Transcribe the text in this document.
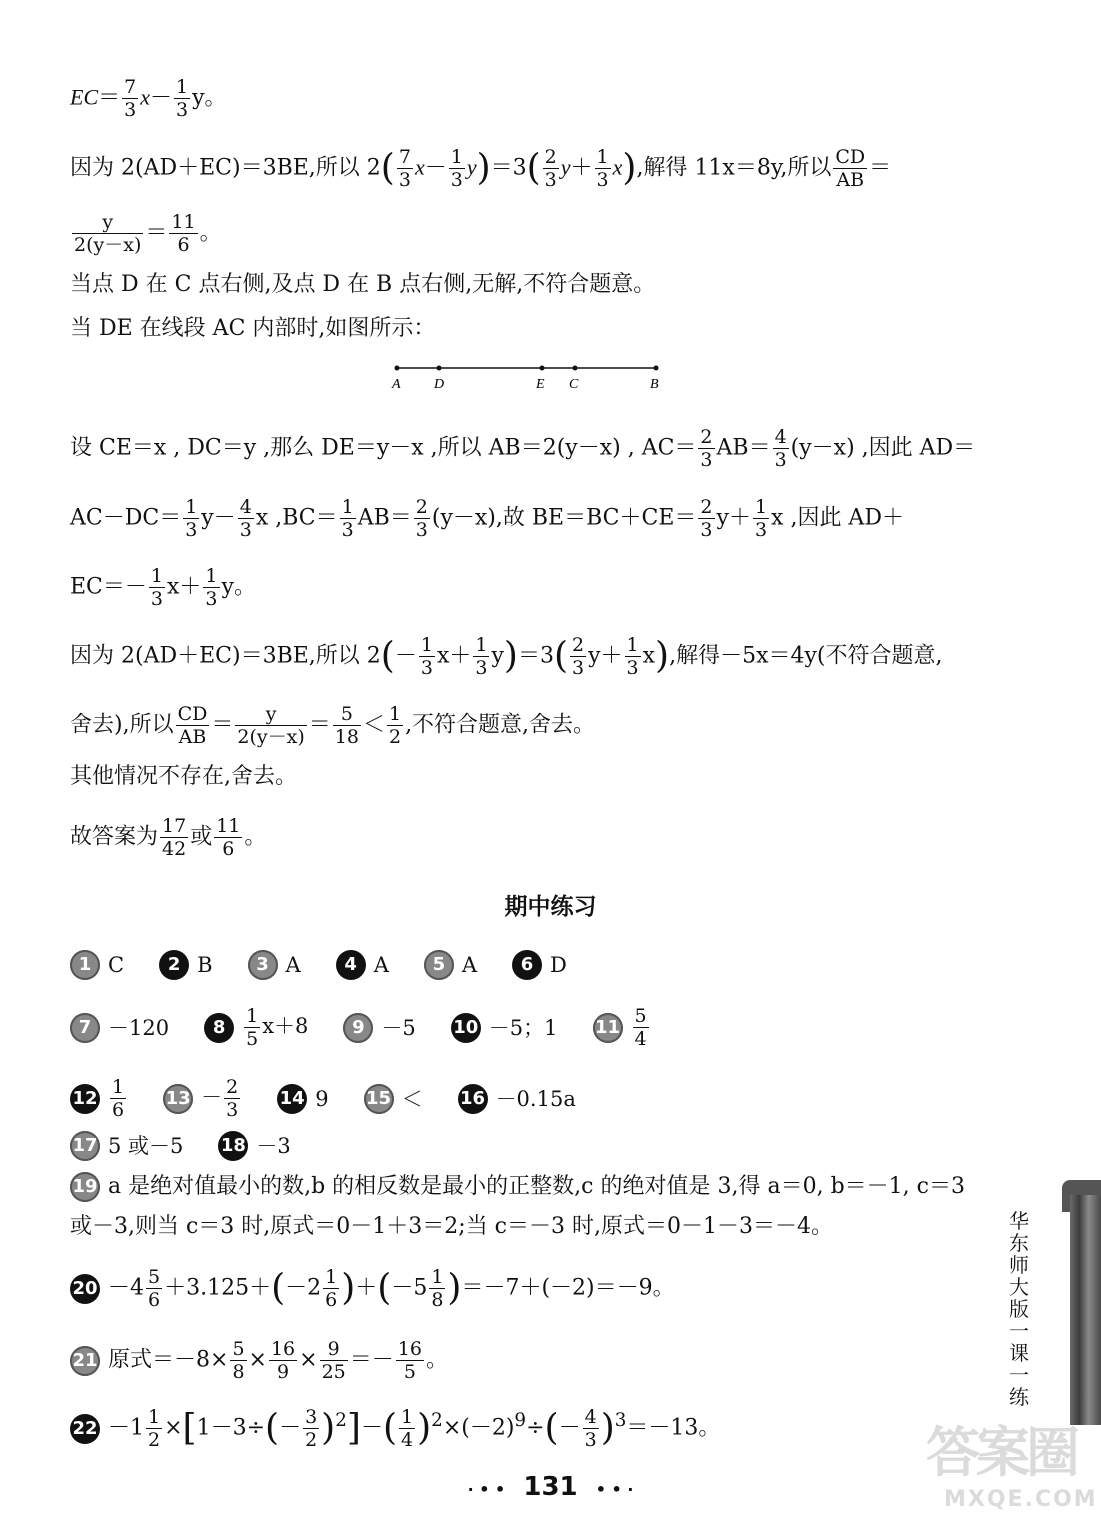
$EC= \frac{7}{3} x- \frac{1}{3}$ y。
因为 2(AD＋EC)＝3BE,所以 $2( \frac{7}{3} x- \frac{1}{3} y)=3( \frac{2}{3} y+ \frac{1}{3} x)$,解得 11x＝8y,所以 $\frac{CD}{AB}$ ＝
$\frac{y}{2(y-x)} = \frac{11}{6}$ 。
当点 D 在 C 点右侧,及点 D 在 B 点右侧,无解,不符合题意。
当 DE 在线段 AC 内部时,如图所示：
A D	E C	B
设 CE＝x , DC＝y ,那么 DE＝y－x ,所以 AB＝2(y－x) , $AC= \frac{2}{3} AB= \frac{4}{3} (y-x)$ ,因此 AD＝
$AC-DC= \frac{1}{3} y- \frac{4}{3}$ x $,BC= \frac{1}{3} AB= \frac{2}{3} (y-x)$,故 $BE=BC+CE= \frac{2}{3} y+ \frac{1}{3}$ x ,因此 AD＋
$EC=- \frac{1}{3} x+ \frac{1}{3}$ y。
因为 2(AD＋EC)＝3BE,所以 $2(- \frac{1}{3} x+ \frac{1}{3} y)=3( \frac{2}{3} y+ \frac{1}{3} x)$,解得－5x＝4y(不符合题意,
舍去),所以 $\frac{CD}{AB} = \frac{y}{2(y-x)} = \frac{5}{18} < \frac{1}{2}$ ,不符合题意,舍去。
其他情况不存在,舍去。
故答案为 $\frac{17}{42}$ 或 $\frac{11}{6}$ 。
期中练习
1 C 2 B 3 A 4 A 5 A 6 D
7 －120 $8 \frac{1}{5} x+8$ 9 －5 10 －5；1 $11 \frac{5}{4}$
$12 \frac{1}{6} 13 - \frac{2}{3} 14$ 9 15 ＜ 16 －0.15a
17 5 或－5 18 －3
19 a 是绝对值最小的数,b 的相反数是最小的正整数,c 的绝对值是 3,得 a＝0, b＝－1, c＝3
或－3,则当 c＝3 时,原式＝0－1＋3＝2;当 c＝－3 时,原式＝0－1－3＝－4。
$20 -4 \frac{5}{6} +3.125+(-2 \frac{1}{6} )+(-5 \frac{1}{8} )=-7+(-2)=-9$。
21 原式$=-8\times \frac{5}{8} \times \frac{16}{9} \times \frac{9}{25} =- \frac{16}{5}$ 。
$22 -1 \frac{1}{2} \times[1-3\div(- \frac{3}{2} )^2]-( \frac{1}{4} )^2\times(-2)^9\div(- \frac{4}{3} )^3=-13$。
华东师大版一课一练
· • • 131 • • ·
答案圈
MXQE.COM
